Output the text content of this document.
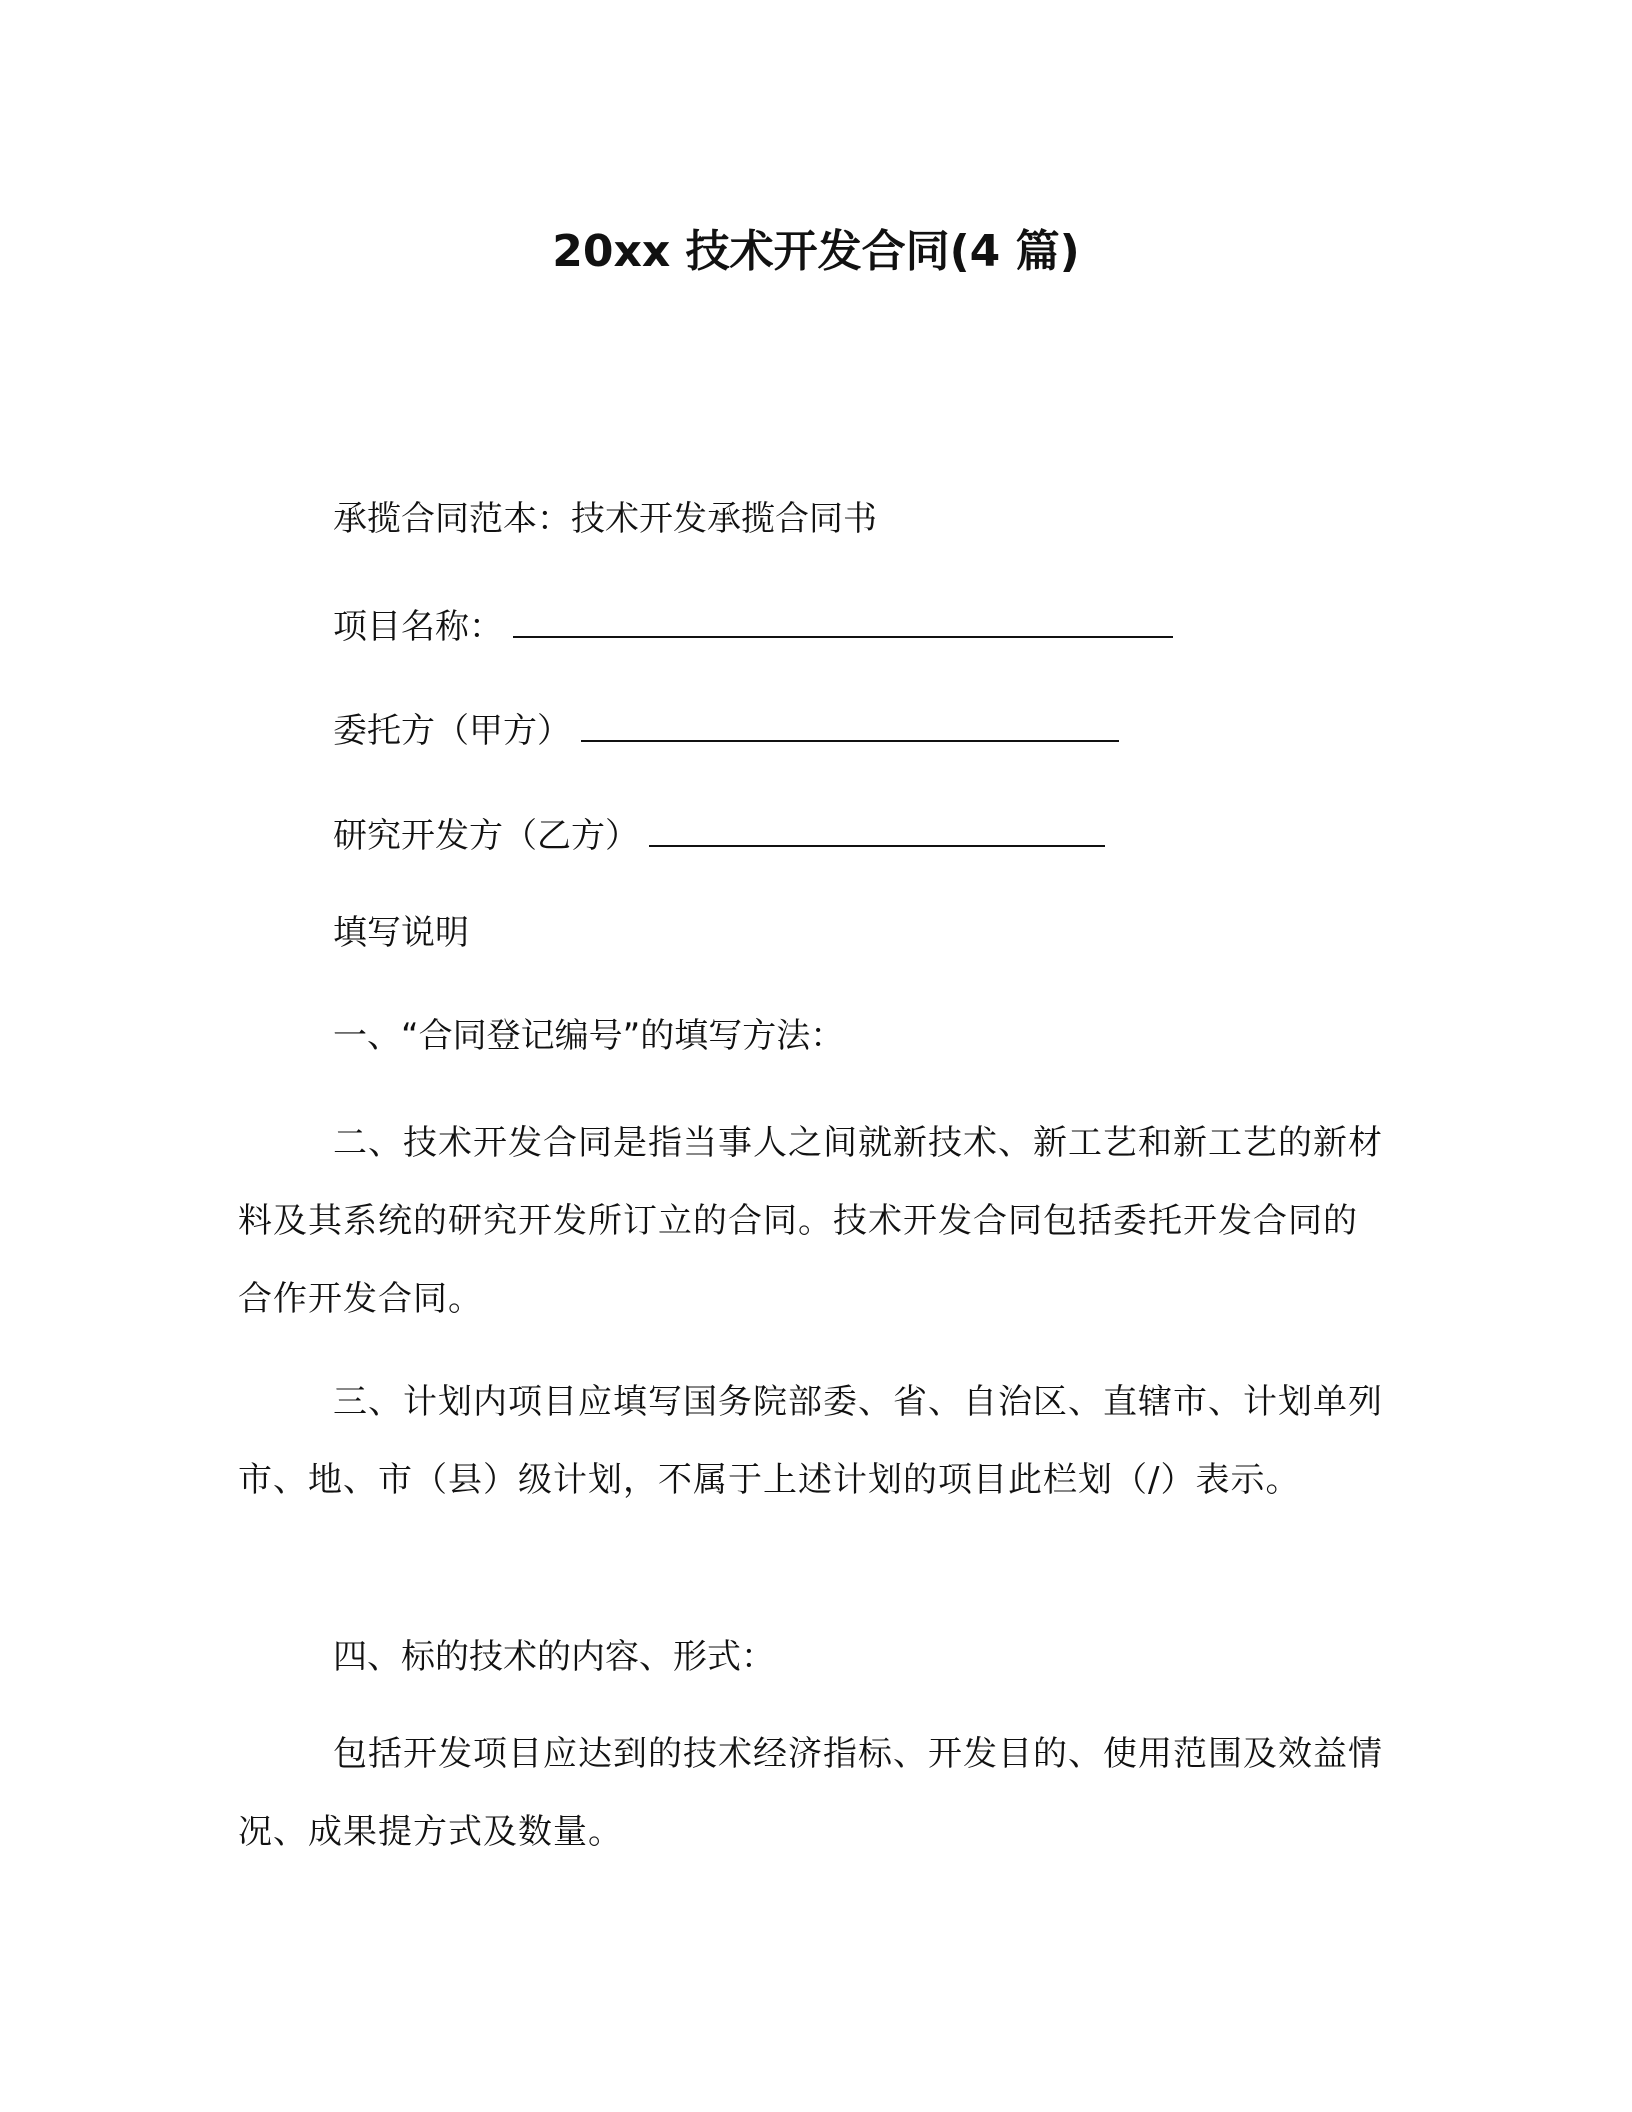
20xx 技术开发合同(4 篇)
承揽合同范本：技术开发承揽合同书
项目名称：
委托方（甲方）
研究开发方（乙方）
填写说明
一、“合同登记编号”的填写方法：
二、技术开发合同是指当事人之间就新技术、新工艺和新工艺的新材料及其系统的研究开发所订立的合同。技术开发合同包括委托开发合同的合作开发合同。
三、计划内项目应填写国务院部委、省、自治区、直辖市、计划单列市、地、市（县）级计划，不属于上述计划的项目此栏划（/）表示。
四、标的技术的内容、形式：
包括开发项目应达到的技术经济指标、开发目的、使用范围及效益情况、成果提方式及数量。
